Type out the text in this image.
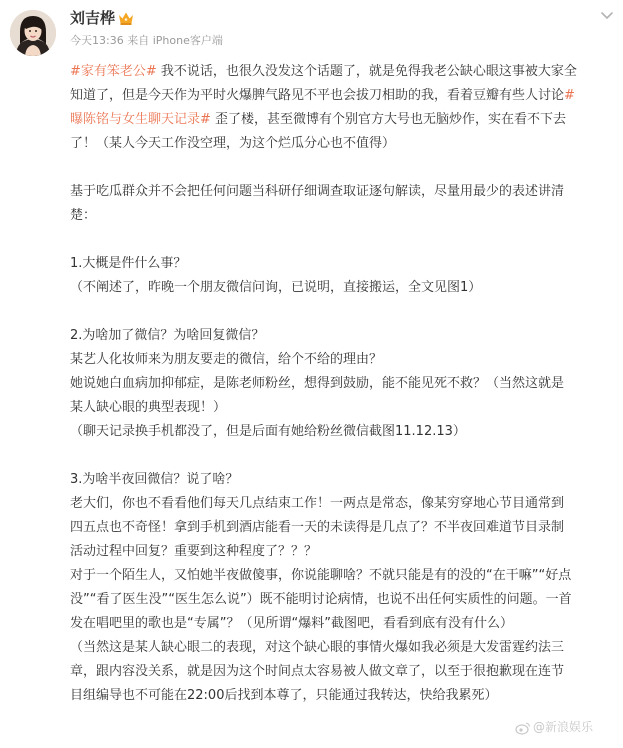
刘吉桦
今天13:36 来自 iPhone客户端
#家有笨老公# 我不说话，也很久没发这个话题了，就是免得我老公缺心眼这事被大家全
知道了，但是今天作为平时火爆脾气路见不平也会拔刀相助的我，看着豆瓣有些人讨论#
曝陈铭与女生聊天记录# 歪了楼，甚至微博有个别官方大号也无脑炒作，实在看不下去
了！（某人今天工作没空理，为这个烂瓜分心也不值得）
基于吃瓜群众并不会把任何问题当科研仔细调查取证逐句解读，尽量用最少的表述讲清
楚：
1.大概是件什么事？
（不阐述了，昨晚一个朋友微信问询，已说明，直接搬运，全文见图1）
2.为啥加了微信？为啥回复微信？
某艺人化妆师来为朋友要走的微信，给个不给的理由？
她说她白血病加抑郁症，是陈老师粉丝，想得到鼓励，能不能见死不救？（当然这就是
某人缺心眼的典型表现！）
（聊天记录换手机都没了，但是后面有她给粉丝微信截图11.12.13）
3.为啥半夜回微信？说了啥？
老大们，你也不看看他们每天几点结束工作！一两点是常态，像某穷穿地心节目通常到
四五点也不奇怪！拿到手机到酒店能看一天的未读得是几点了？不半夜回难道节目录制
活动过程中回复？重要到这种程度了？？？
对于一个陌生人，又怕她半夜做傻事，你说能聊啥？不就只能是有的没的“在干嘛”“好点
没”“看了医生没”“医生怎么说”）既不能明讨论病情，也说不出任何实质性的问题。一首
发在唱吧里的歌也是“专属”？（见所谓“爆料”截图吧，看看到底有没有什么）
（当然这是某人缺心眼二的表现，对这个缺心眼的事情火爆如我必须是大发雷霆约法三
章，跟内容没关系，就是因为这个时间点太容易被人做文章了，以至于很抱歉现在连节
目组编导也不可能在22:00后找到本尊了，只能通过我转达，快给我累死）
@新浪娱乐
